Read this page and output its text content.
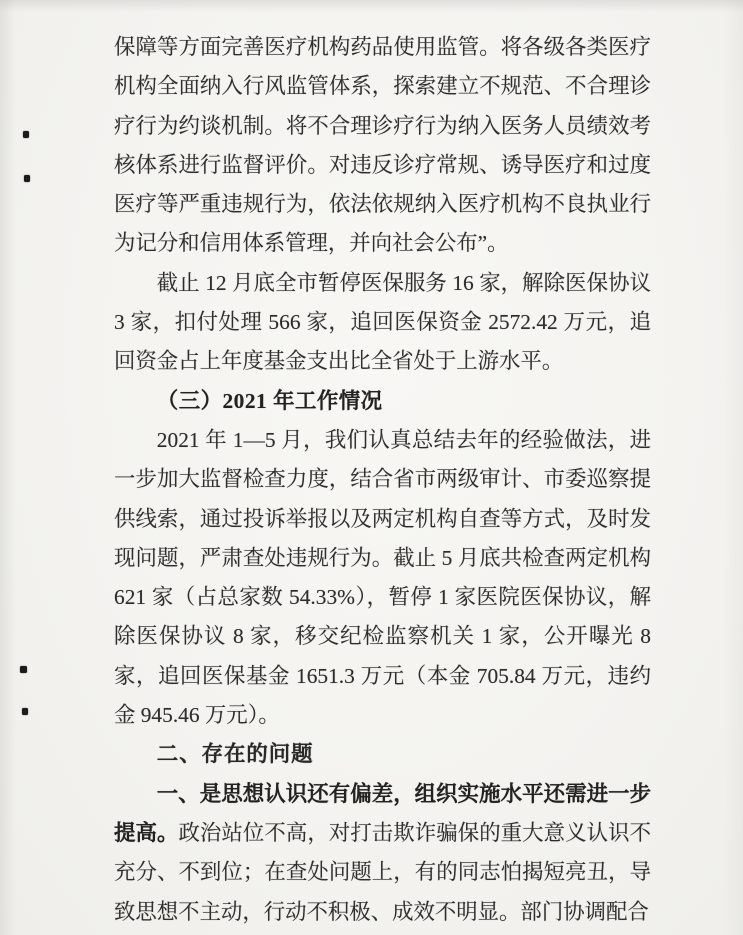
保障等方面完善医疗机构药品使用监管。将各级各类医疗机构全面纳入行风监管体系，探索建立不规范、不合理诊疗行为约谈机制。将不合理诊疗行为纳入医务人员绩效考核体系进行监督评价。对违反诊疗常规、诱导医疗和过度医疗等严重违规行为，依法依规纳入医疗机构不良执业行为记分和信用体系管理，并向社会公布”。

截止 12 月底全市暂停医保服务 16 家，解除医保协议 3 家，扣付处理 566 家，追回医保资金 2572.42 万元，追回资金占上年度基金支出比全省处于上游水平。

（三）2021 年工作情况

2021 年 1—5 月，我们认真总结去年的经验做法，进一步加大监督检查力度，结合省市两级审计、市委巡察提供线索，通过投诉举报以及两定机构自查等方式，及时发现问题，严肃查处违规行为。截止 5 月底共检查两定机构 621 家（占总家数 54.33%），暂停 1 家医院医保协议，解除医保协议 8 家，移交纪检监察机关 1 家，公开曝光 8 家，追回医保基金 1651.3 万元（本金 705.84 万元，违约金 945.46 万元）。

二、存在的问题

一、是思想认识还有偏差，组织实施水平还需进一步提高。政治站位不高，对打击欺诈骗保的重大意义认识不充分、不到位；在查处问题上，有的同志怕揭短亮丑，导致思想不主动，行动不积极、成效不明显。部门协调配合
